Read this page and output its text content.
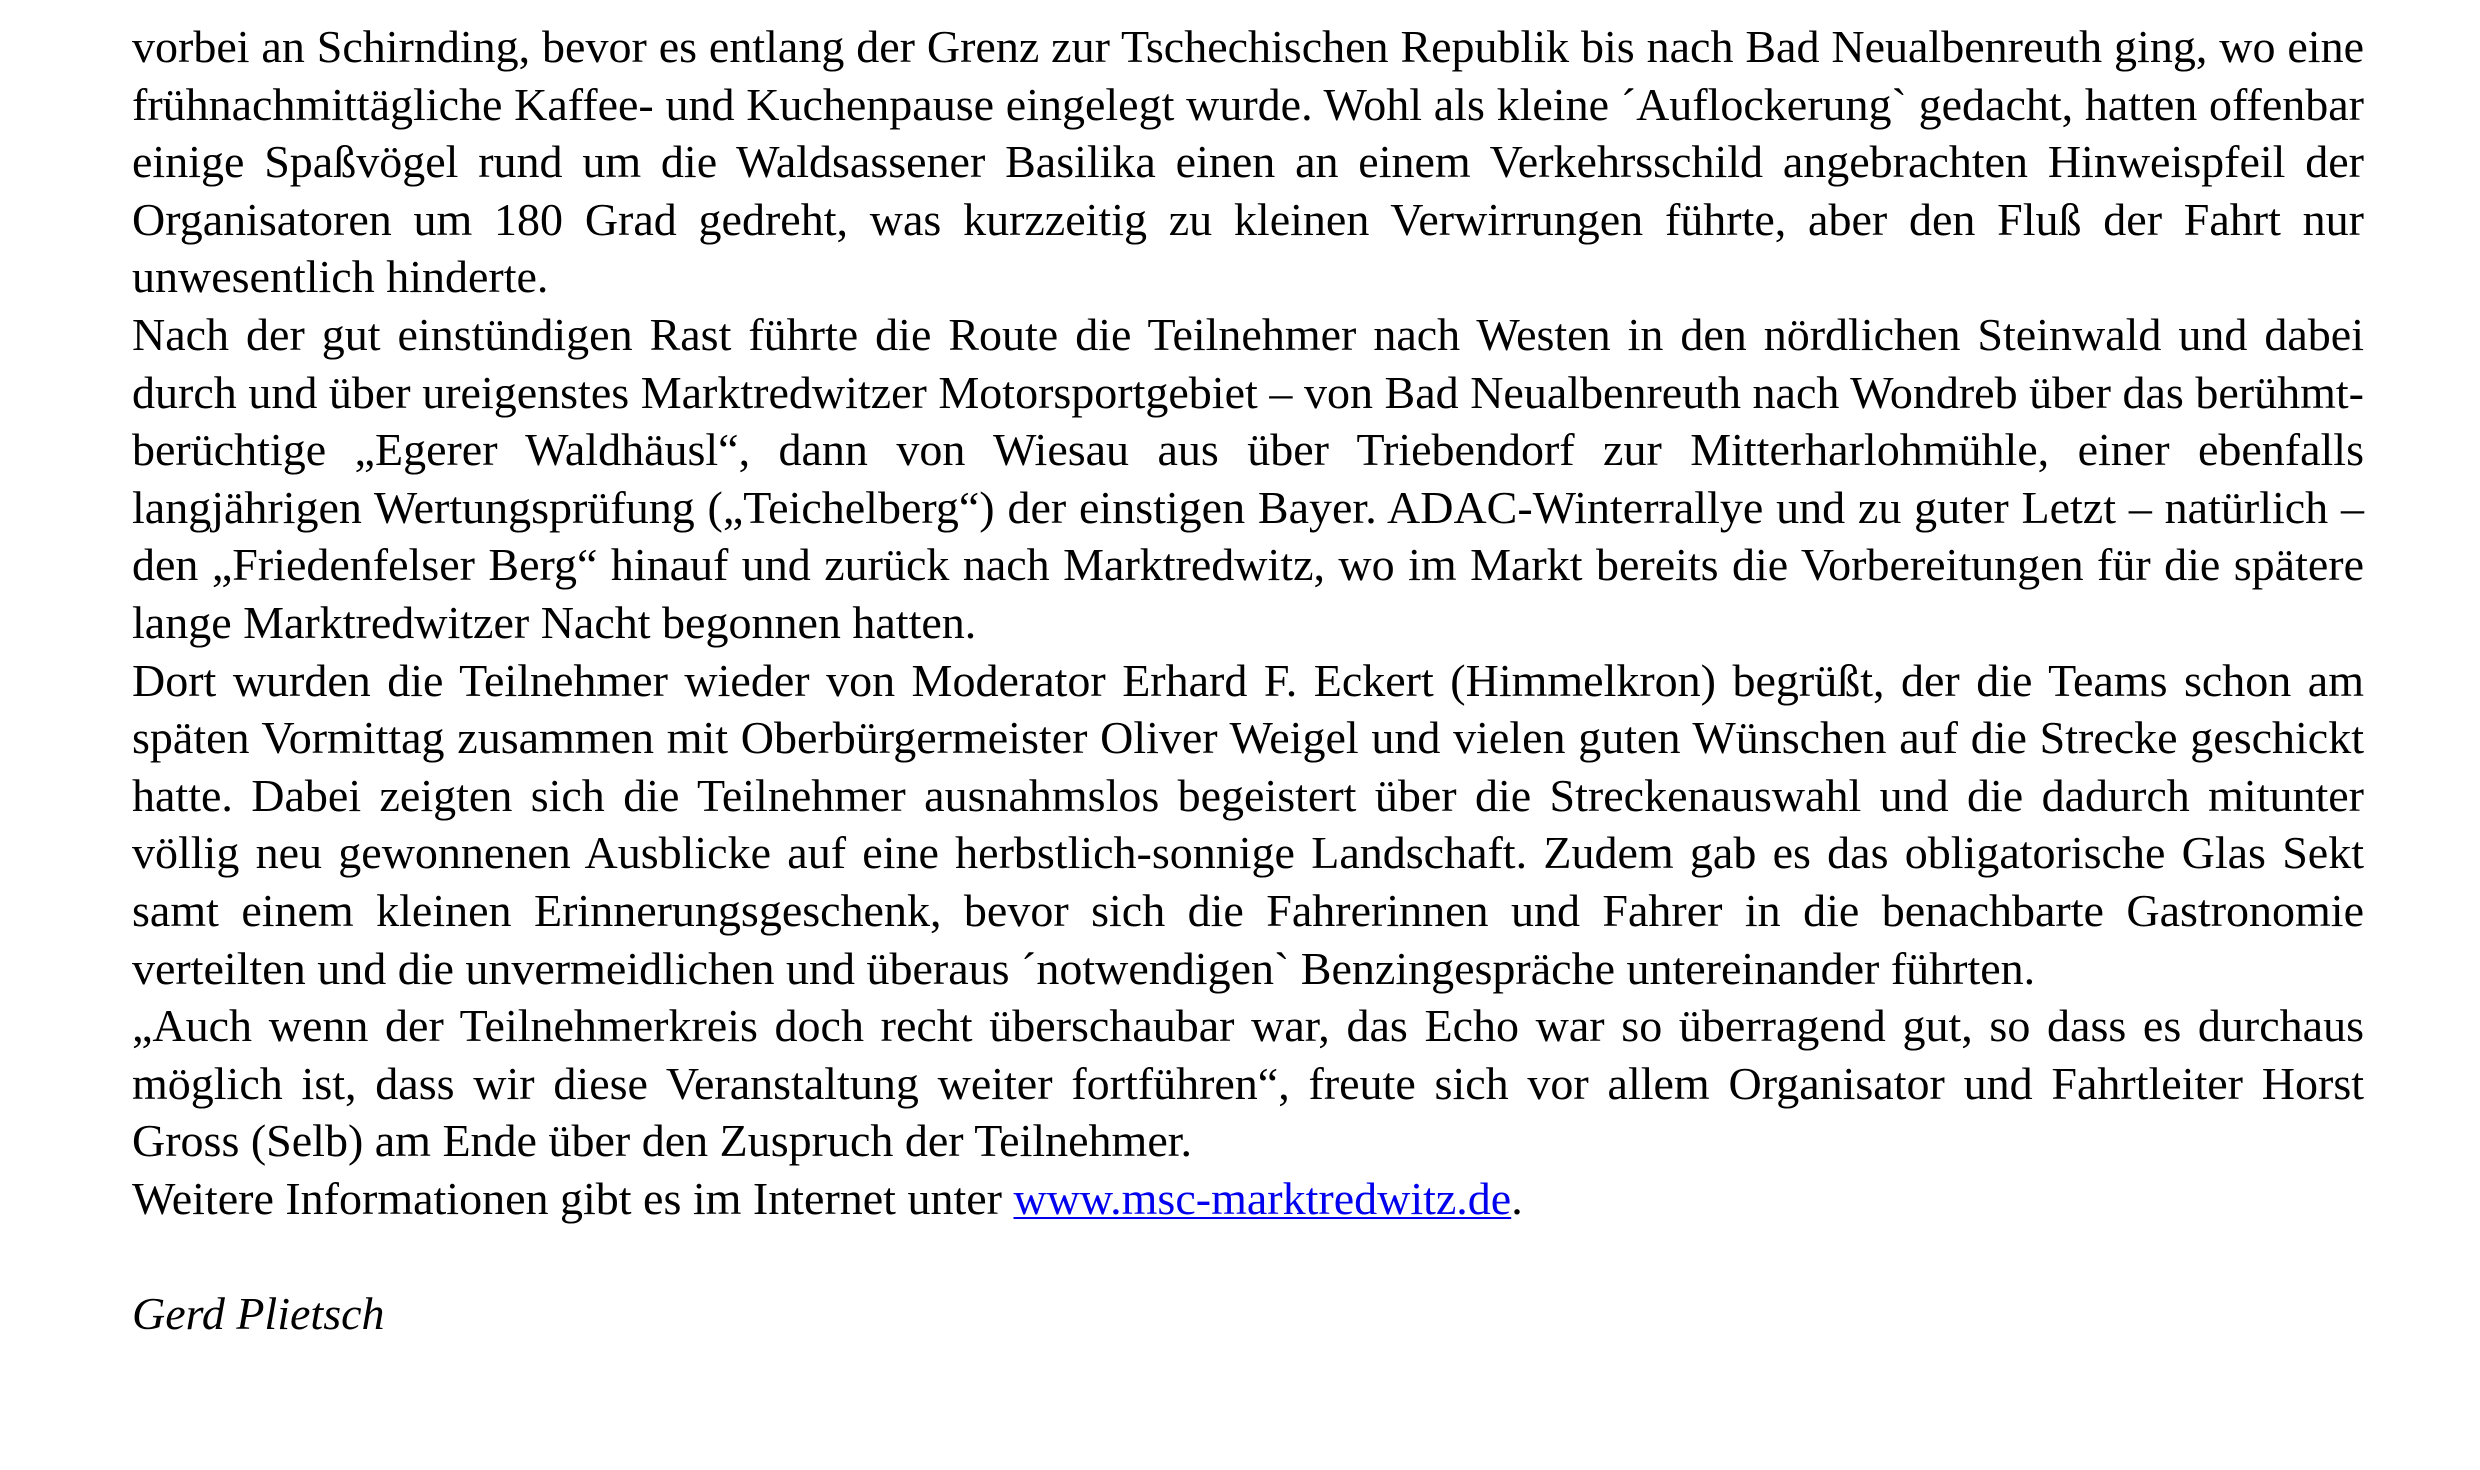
vorbei an Schirnding, bevor es entlang der Grenz zur Tschechischen Republik bis nach Bad Neualbenreuth ging, wo eine frühnachmittägliche Kaffee- und Kuchenpause eingelegt wurde. Wohl als kleine ´Auflockerung` gedacht, hatten offenbar einige Spaßvögel rund um die Waldsassener Basilika einen an einem Verkehrsschild angebrachten Hinweispfeil der Organisatoren um 180 Grad gedreht, was kurzzeitig zu kleinen Verwirrungen führte, aber den Fluß der Fahrt nur unwesentlich hinderte.

Nach der gut einstündigen Rast führte die Route die Teilnehmer nach Westen in den nördlichen Steinwald und dabei durch und über ureigenstes Marktredwitzer Motorsportgebiet – von Bad Neualbenreuth nach Wondreb über das berühmt-berüchtige „Egerer Waldhäusl“, dann von Wiesau aus über Triebendorf zur Mitterharlohmühle, einer ebenfalls langjährigen Wertungsprüfung („Teichelberg“) der einstigen Bayer. ADAC-Winterrallye und zu guter Letzt – natürlich – den „Friedenfelser Berg“ hinauf und zurück nach Marktredwitz, wo im Markt bereits die Vorbereitungen für die spätere lange Marktredwitzer Nacht begonnen hatten.

Dort wurden die Teilnehmer wieder von Moderator Erhard F. Eckert (Himmelkron) begrüßt, der die Teams schon am späten Vormittag zusammen mit Oberbürgermeister Oliver Weigel und vielen guten Wünschen auf die Strecke geschickt hatte. Dabei zeigten sich die Teilnehmer ausnahmslos begeistert über die Streckenauswahl und die dadurch mitunter völlig neu gewonnenen Ausblicke auf eine herbstlich-sonnige Landschaft. Zudem gab es das obligatorische Glas Sekt samt einem kleinen Erinnerungsgeschenk, bevor sich die Fahrerinnen und Fahrer in die benachbarte Gastronomie verteilten und die unvermeidlichen und überaus ´notwendigen` Benzingespräche untereinander führten.

„Auch wenn der Teilnehmerkreis doch recht überschaubar war, das Echo war so überragend gut, so dass es durchaus möglich ist, dass wir diese Veranstaltung weiter fortführen“, freute sich vor allem Organisator und Fahrtleiter Horst Gross (Selb) am Ende über den Zuspruch der Teilnehmer.

Weitere Informationen gibt es im Internet unter www.msc-marktredwitz.de.

Gerd Plietsch
